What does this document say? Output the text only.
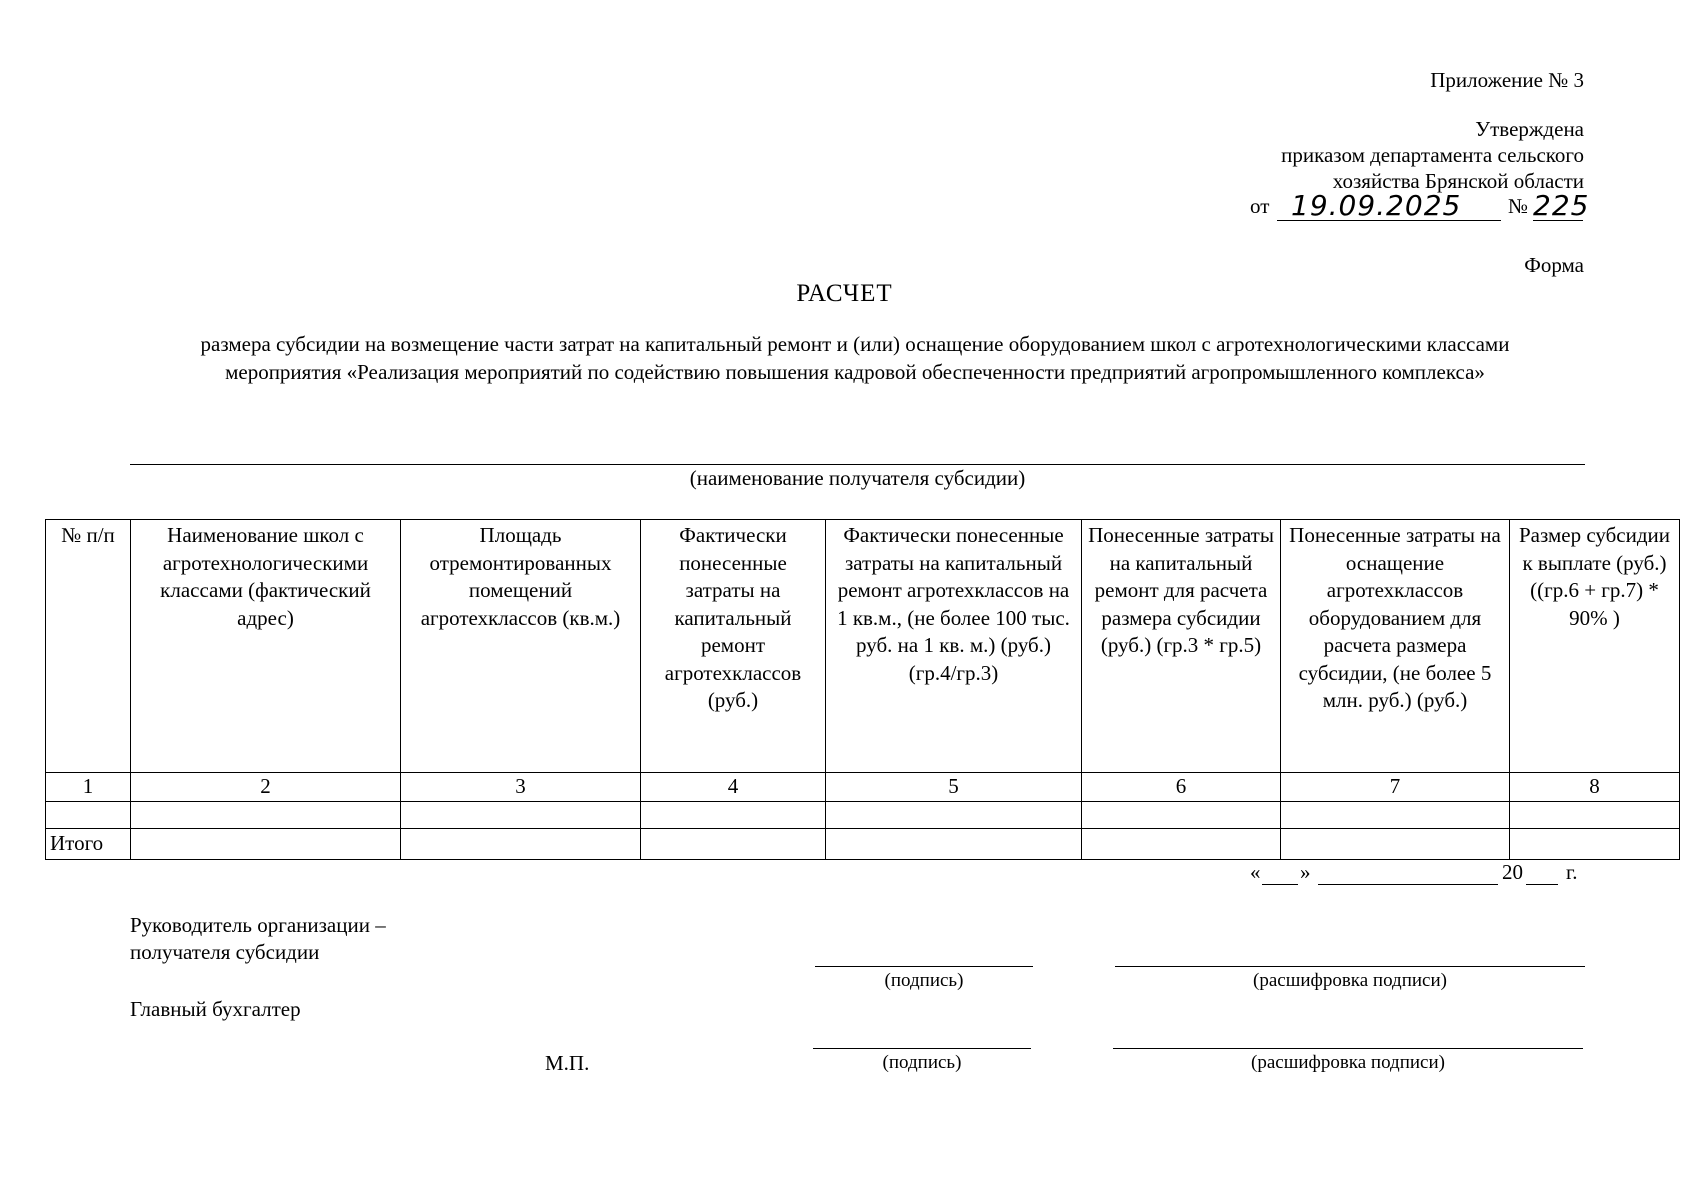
Приложение № 3
Утверждена
приказом департамента сельского
хозяйства Брянской области
от 19.09.2025 № 225
Форма
РАСЧЕТ
размера субсидии на возмещение части затрат на капитальный ремонт и (или) оснащение оборудованием школ с агротехнологическими классами мероприятия «Реализация мероприятий по содействию повышения кадровой обеспеченности предприятий агропромышленного комплекса»
(наименование получателя субсидии)
№ п/п	Наименование школ с агротехнологическими классами (фактический адрес)	Площадь отремонтированных помещений агротехклассов (кв.м.)	Фактически понесенные затраты на капитальный ремонт агротехклассов (руб.)	Фактически понесенные затраты на капитальный ремонт агротехклассов на 1 кв.м., (не более 100 тыс. руб. на 1 кв. м.) (руб.) (гр.4/гр.3)	Понесенные затраты на капитальный ремонт для расчета размера субсидии (руб.) (гр.3 * гр.5)	Понесенные затраты на оснащение агротехклассов оборудованием для расчета размера субсидии, (не более 5 млн. руб.) (руб.)	Размер субсидии к выплате (руб.) ((гр.6 + гр.7) * 90% )
1	2	3	4	5	6	7	8

Итого							
« »	20 г.
Руководитель организации –
получателя субсидии
(подпись)	(расшифровка подписи)
Главный бухгалтер
(подпись)	(расшифровка подписи)
М.П.
